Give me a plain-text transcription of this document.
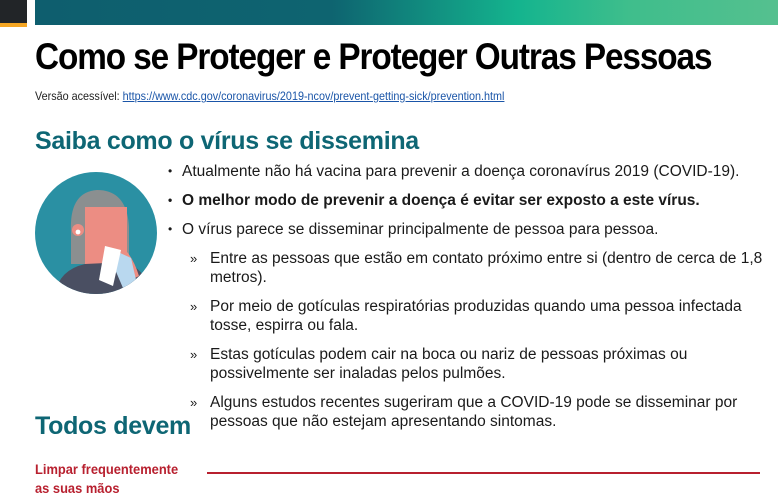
Como se Proteger e Proteger Outras Pessoas
Versão acessível: https://www.cdc.gov/coronavirus/2019-ncov/prevent-getting-sick/prevention.html
Saiba como o vírus se dissemina
• Atualmente não há vacina para prevenir a doença coronavírus 2019 (COVID-19).
• O melhor modo de prevenir a doença é evitar ser exposto a este vírus.
• O vírus parece se disseminar principalmente de pessoa para pessoa.
» Entre as pessoas que estão em contato próximo entre si (dentro de cerca de 1,8 metros).
» Por meio de gotículas respiratórias produzidas quando uma pessoa infectada tosse, espirra ou fala.
» Estas gotículas podem cair na boca ou nariz de pessoas próximas ou possivelmente ser inaladas pelos pulmões.
» Alguns estudos recentes sugeriram que a COVID-19 pode se disseminar por pessoas que não estejam apresentando sintomas.
Todos devem
Limpar frequentemente
as suas mãos
